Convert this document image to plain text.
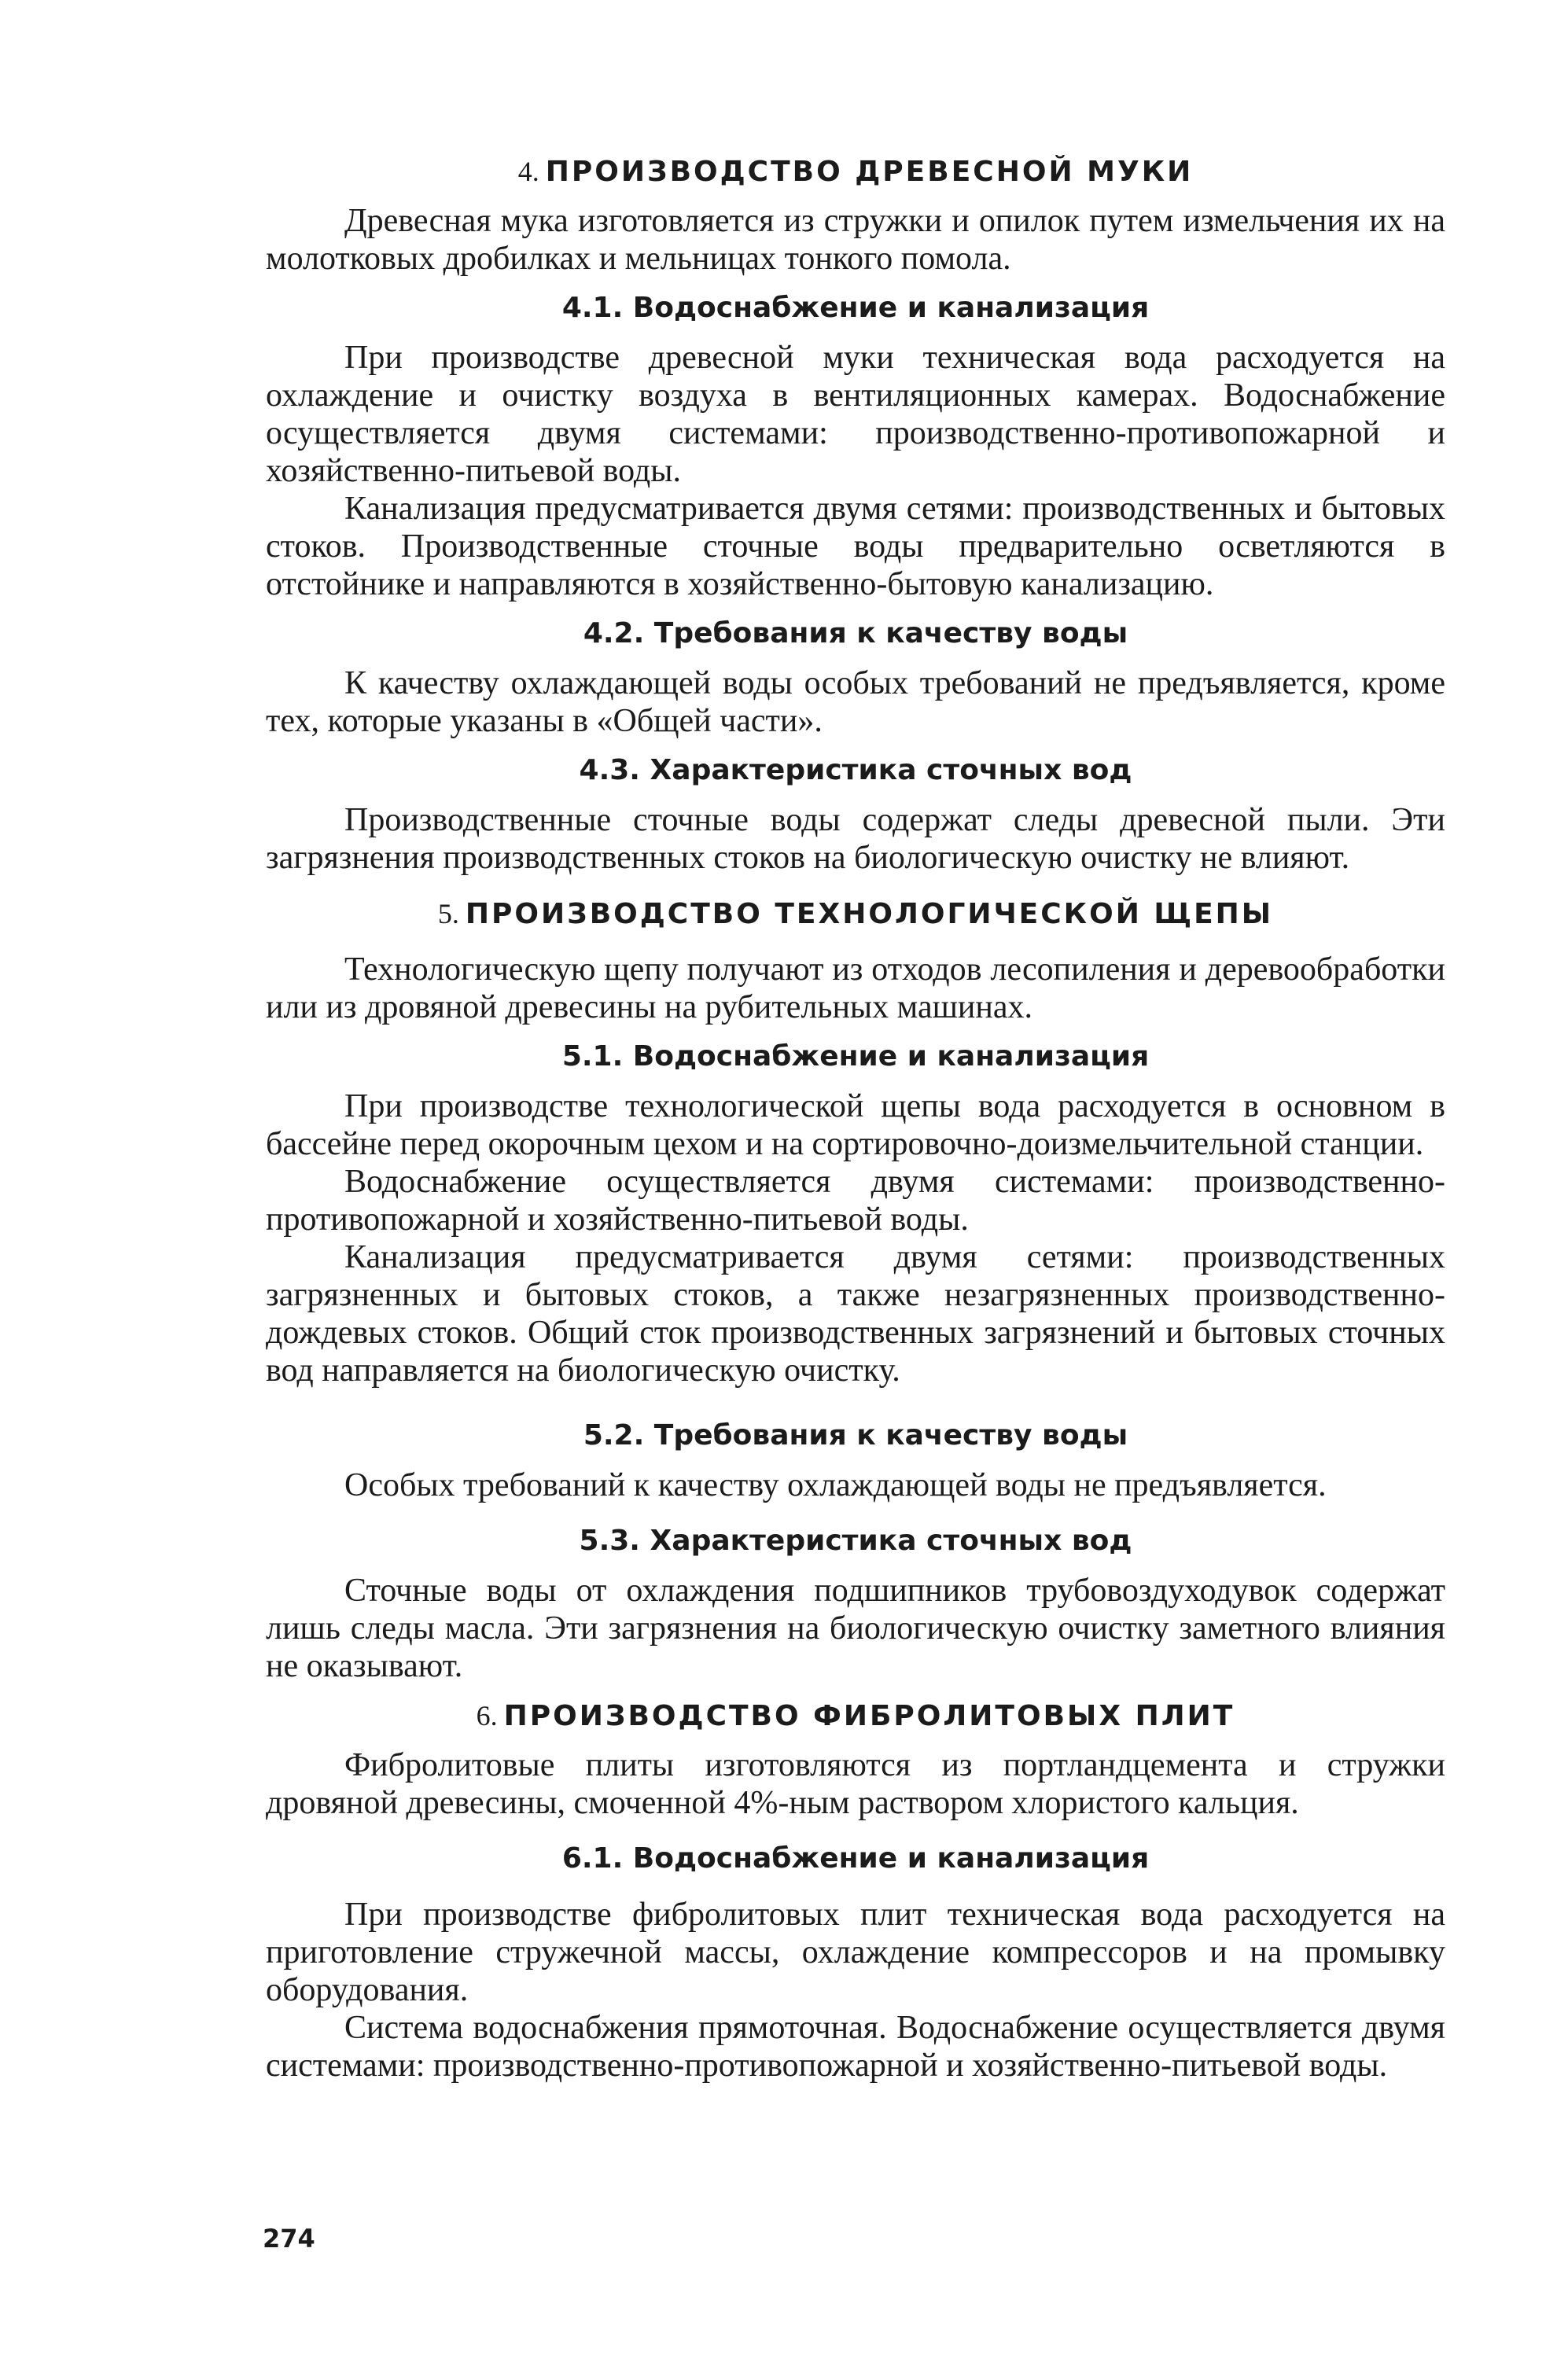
4. ПРОИЗВОДСТВО ДРЕВЕСНОЙ МУКИ

Древесная мука изготовляется из стружки и опилок путем измельчения их на молотковых дробилках и мельницах тонкого помола.

4.1. Водоснабжение и канализация

При производстве древесной муки техническая вода расходуется на охлаждение и очистку воздуха в вентиляционных камерах. Водоснабжение осуществляется двумя системами: производственно-противопожарной и хозяйственно-питьевой воды.

Канализация предусматривается двумя сетями: производственных и бытовых стоков. Производственные сточные воды предварительно осветляются в отстойнике и направляются в хозяйственно-бытовую канализацию.

4.2. Требования к качеству воды

К качеству охлаждающей воды особых требований не предъявляется, кроме тех, которые указаны в «Общей части».

4.3. Характеристика сточных вод

Производственные сточные воды содержат следы древесной пыли. Эти загрязнения производственных стоков на биологическую очистку не влияют.

5. ПРОИЗВОДСТВО ТЕХНОЛОГИЧЕСКОЙ ЩЕПЫ

Технологическую щепу получают из отходов лесопиления и деревообработки или из дровяной древесины на рубительных машинах.

5.1. Водоснабжение и канализация

При производстве технологической щепы вода расходуется в основном в бассейне перед окорочным цехом и на сортировочно-доизмельчительной станции.

Водоснабжение осуществляется двумя системами: производственно-противопожарной и хозяйственно-питьевой воды.

Канализация предусматривается двумя сетями: производственных загрязненных и бытовых стоков, а также незагрязненных производственно-дождевых стоков. Общий сток производственных загрязнений и бытовых сточных вод направляется на биологическую очистку.

5.2. Требования к качеству воды

Особых требований к качеству охлаждающей воды не предъявляется.

5.3. Характеристика сточных вод

Сточные воды от охлаждения подшипников трубовоздуходувок содержат лишь следы масла. Эти загрязнения на биологическую очистку заметного влияния не оказывают.

6. ПРОИЗВОДСТВО ФИБРОЛИТОВЫХ ПЛИТ

Фибролитовые плиты изготовляются из портландцемента и стружки дровяной древесины, смоченной 4%-ным раствором хлористого кальция.

6.1. Водоснабжение и канализация

При производстве фибролитовых плит техническая вода расходуется на приготовление стружечной массы, охлаждение компрессоров и на промывку оборудования.

Система водоснабжения прямоточная. Водоснабжение осуществляется двумя системами: производственно-противопожарной и хозяйственно-питьевой воды.

274
